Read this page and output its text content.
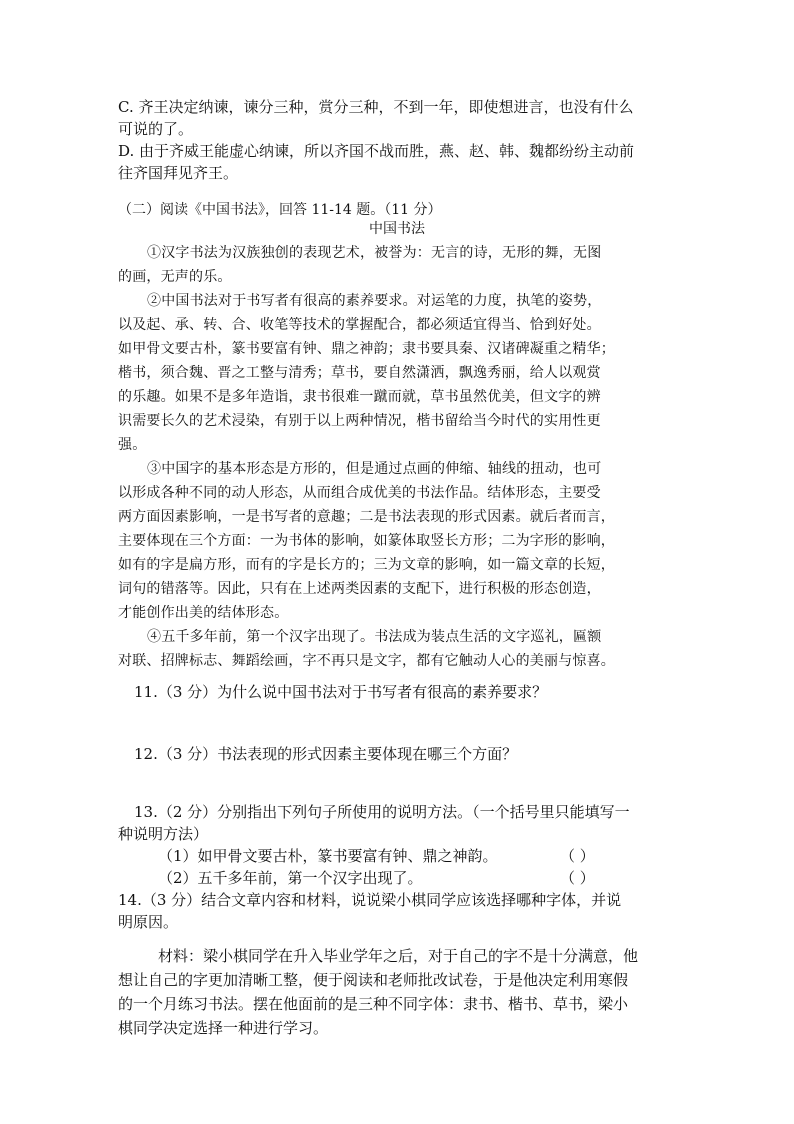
C. 齐王决定纳谏，谏分三种，赏分三种，不到一年，即使想进言，也没有什么
可说的了。
D. 由于齐威王能虚心纳谏，所以齐国不战而胜，燕、赵、韩、魏都纷纷主动前
往齐国拜见齐王。
（二）阅读《中国书法》，回答 11-14 题。（11 分）
中国书法
①汉字书法为汉族独创的表现艺术，被誉为：无言的诗，无形的舞，无图
的画，无声的乐。
②中国书法对于书写者有很高的素养要求。对运笔的力度，执笔的姿势，
以及起、承、转、合、收笔等技术的掌握配合，都必须适宜得当、恰到好处。
如甲骨文要古朴，篆书要富有钟、鼎之神韵；隶书要具秦、汉诸碑凝重之精华；
楷书，须合魏、晋之工整与清秀；草书，要自然潇洒，飘逸秀丽，给人以观赏
的乐趣。如果不是多年造诣，隶书很难一蹴而就，草书虽然优美，但文字的辨
识需要长久的艺术浸染，有别于以上两种情况，楷书留给当今时代的实用性更
强。
③中国字的基本形态是方形的，但是通过点画的伸缩、轴线的扭动，也可
以形成各种不同的动人形态，从而组合成优美的书法作品。结体形态，主要受
两方面因素影响，一是书写者的意趣；二是书法表现的形式因素。就后者而言，
主要体现在三个方面：一为书体的影响，如篆体取竖长方形；二为字形的影响，
如有的字是扁方形，而有的字是长方的；三为文章的影响，如一篇文章的长短，
词句的错落等。因此，只有在上述两类因素的支配下，进行积极的形态创造，
才能创作出美的结体形态。
④五千多年前，第一个汉字出现了。书法成为装点生活的文字巡礼，匾额
对联、招牌标志、舞蹈绘画，字不再只是文字，都有它触动人心的美丽与惊喜。
11.（3 分）为什么说中国书法对于书写者有很高的素养要求？
12.（3 分）书法表现的形式因素主要体现在哪三个方面？
13.（2 分）分别指出下列句子所使用的说明方法。（一个括号里只能填写一
种说明方法）
（1）如甲骨文要古朴，篆书要富有钟、鼎之神韵。	（ ）
（2）五千多年前，第一个汉字出现了。	（ ）
14.（3 分）结合文章内容和材料，说说梁小棋同学应该选择哪种字体，并说
明原因。
材料：梁小棋同学在升入毕业学年之后，对于自己的字不是十分满意，他
想让自己的字更加清晰工整，便于阅读和老师批改试卷，于是他决定利用寒假
的一个月练习书法。摆在他面前的是三种不同字体：隶书、楷书、草书，梁小
棋同学决定选择一种进行学习。
